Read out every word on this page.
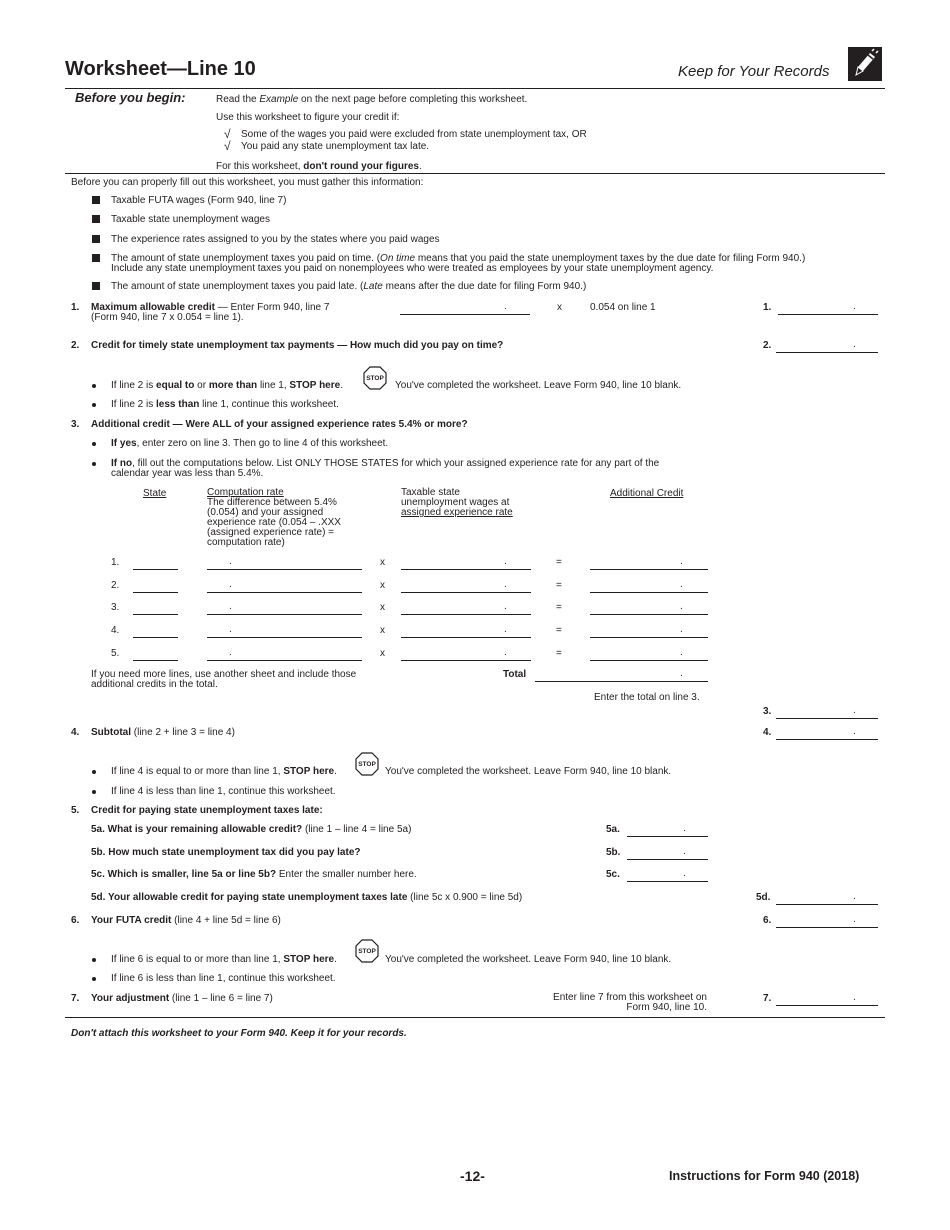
Worksheet—Line 10	Keep for Your Records
Before you begin:	Read the Example on the next page before completing this worksheet.
Use this worksheet to figure your credit if:
√ Some of the wages you paid were excluded from state unemployment tax, OR
√ You paid any state unemployment tax late.
For this worksheet, don't round your figures.
Before you can properly fill out this worksheet, you must gather this information:
Taxable FUTA wages (Form 940, line 7)
Taxable state unemployment wages
The experience rates assigned to you by the states where you paid wages
The amount of state unemployment taxes you paid on time. (On time means that you paid the state unemployment taxes by the due date for filing Form 940.)
Include any state unemployment taxes you paid on nonemployees who were treated as employees by your state unemployment agency.
The amount of state unemployment taxes you paid late. (Late means after the due date for filing Form 940.)
1. Maximum allowable credit — Enter Form 940, line 7
(Form 940, line 7 x 0.054 = line 1).
.	x	0.054 on line 1	1.	.
2. Credit for timely state unemployment tax payments — How much did you pay on time?	2.	.
If line 2 is equal to or more than line 1, STOP here.
STOP
You've completed the worksheet. Leave Form 940, line 10 blank.
If line 2 is less than line 1, continue this worksheet.
3. Additional credit — Were ALL of your assigned experience rates 5.4% or more?
If yes, enter zero on line 3. Then go to line 4 of this worksheet.
If no, fill out the computations below. List ONLY THOSE STATES for which your assigned experience rate for any part of the
calendar year was less than 5.4%.
State	Computation rate
The difference between 5.4%
(0.054) and your assigned
experience rate (0.054 – .XXX
(assigned experience rate) =
computation rate)
Taxable state
unemployment wages at
assigned experience rate
Additional Credit
1.	.	x	.	=	.
2.	.	x	.	=	.
3.	.	x	.	=	.
4.	.	x	.	=	.
5.	.	x	.	=	.
If you need more lines, use another sheet and include those
additional credits in the total.
Total	.
Enter the total on line 3.
3.	.
4. Subtotal (line 2 + line 3 = line 4)	4.	.
If line 4 is equal to or more than line 1, STOP here.
STOP
You've completed the worksheet. Leave Form 940, line 10 blank.
If line 4 is less than line 1, continue this worksheet.
5. Credit for paying state unemployment taxes late:
5a. What is your remaining allowable credit? (line 1 – line 4 = line 5a)	5a.	.
5b. How much state unemployment tax did you pay late?	5b.	.
5c. Which is smaller, line 5a or line 5b? Enter the smaller number here.	5c.	.
5d. Your allowable credit for paying state unemployment taxes late (line 5c x 0.900 = line 5d)	5d.	.
6. Your FUTA credit (line 4 + line 5d = line 6)	6.	.
If line 6 is equal to or more than line 1, STOP here.
STOP
You've completed the worksheet. Leave Form 940, line 10 blank.
If line 6 is less than line 1, continue this worksheet.
7. Your adjustment (line 1 – line 6 = line 7)	Enter line 7 from this worksheet on
Form 940, line 10.
7.	.
Don't attach this worksheet to your Form 940. Keep it for your records.
-12-	Instructions for Form 940 (2018)
